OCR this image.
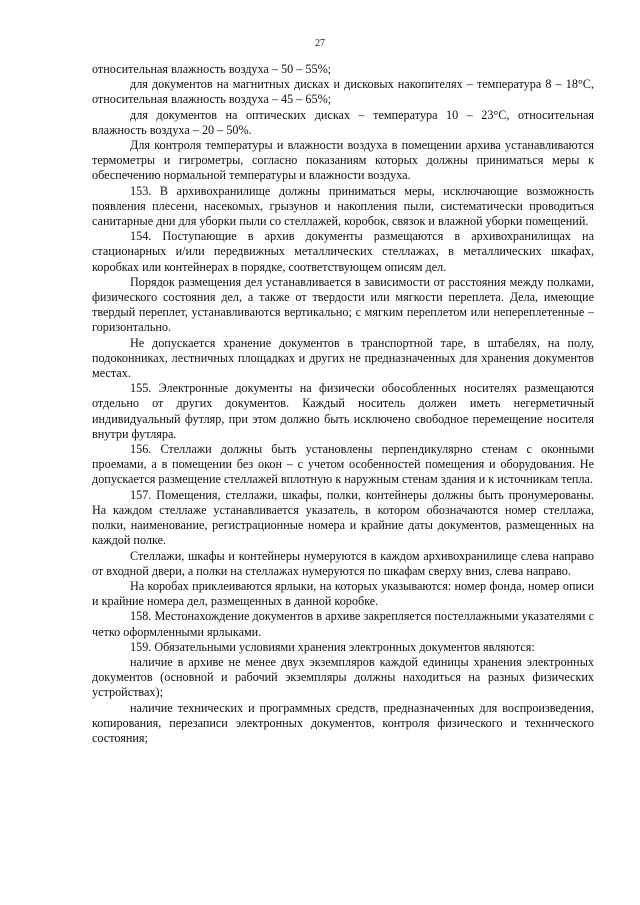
27

относительная влажность воздуха – 50 – 55%;

для документов на магнитных дисках и дисковых накопителях – температура 8 – 18°С, относительная влажность воздуха – 45 – 65%;

для документов на оптических дисках – температура 10 – 23°С, относительная влажность воздуха – 20 – 50%.

Для контроля температуры и влажности воздуха в помещении архива устанавливаются термометры и гигрометры, согласно показаниям которых должны приниматься меры к обеспечению нормальной температуры и влажности воздуха.

153. В архивохранилище должны приниматься меры, исключающие возможность появления плесени, насекомых, грызунов и накопления пыли, систематически проводиться санитарные дни для уборки пыли со стеллажей, коробок, связок и влажной уборки помещений.

154. Поступающие в архив документы размещаются в архивохранилищах на стационарных и/или передвижных металлических стеллажах, в металлических шкафах, коробках или контейнерах в порядке, соответствующем описям дел.

Порядок размещения дел устанавливается в зависимости от расстояния между полками, физического состояния дел, а также от твердости или мягкости переплета. Дела, имеющие твердый переплет, устанавливаются вертикально; с мягким переплетом или непереплетенные – горизонтально.

Не допускается хранение документов в транспортной таре, в штабелях, на полу, подоконниках, лестничных площадках и других не предназначенных для хранения документов местах.

155. Электронные документы на физически обособленных носителях размещаются отдельно от других документов. Каждый носитель должен иметь негерметичный индивидуальный футляр, при этом должно быть исключено свободное перемещение носителя внутри футляра.

156. Стеллажи должны быть установлены перпендикулярно стенам с оконными проемами, а в помещении без окон – с учетом особенностей помещения и оборудования. Не допускается размещение стеллажей вплотную к наружным стенам здания и к источникам тепла.

157. Помещения, стеллажи, шкафы, полки, контейнеры должны быть пронумерованы. На каждом стеллаже устанавливается указатель, в котором обозначаются номер стеллажа, полки, наименование, регистрационные номера и крайние даты документов, размещенных на каждой полке.

Стеллажи, шкафы и контейнеры нумеруются в каждом архивохранилище слева направо от входной двери, а полки на стеллажах нумеруются по шкафам сверху вниз, слева направо.

На коробах приклеиваются ярлыки, на которых указываются: номер фонда, номер описи и крайние номера дел, размещенных в данной коробке.

158. Местонахождение документов в архиве закрепляется постеллажными указателями с четко оформленными ярлыками.

159. Обязательными условиями хранения электронных документов являются:

наличие в архиве не менее двух экземпляров каждой единицы хранения электронных документов (основной и рабочий экземпляры должны находиться на разных физических устройствах);

наличие технических и программных средств, предназначенных для воспроизведения, копирования, перезаписи электронных документов, контроля физического и технического состояния;
